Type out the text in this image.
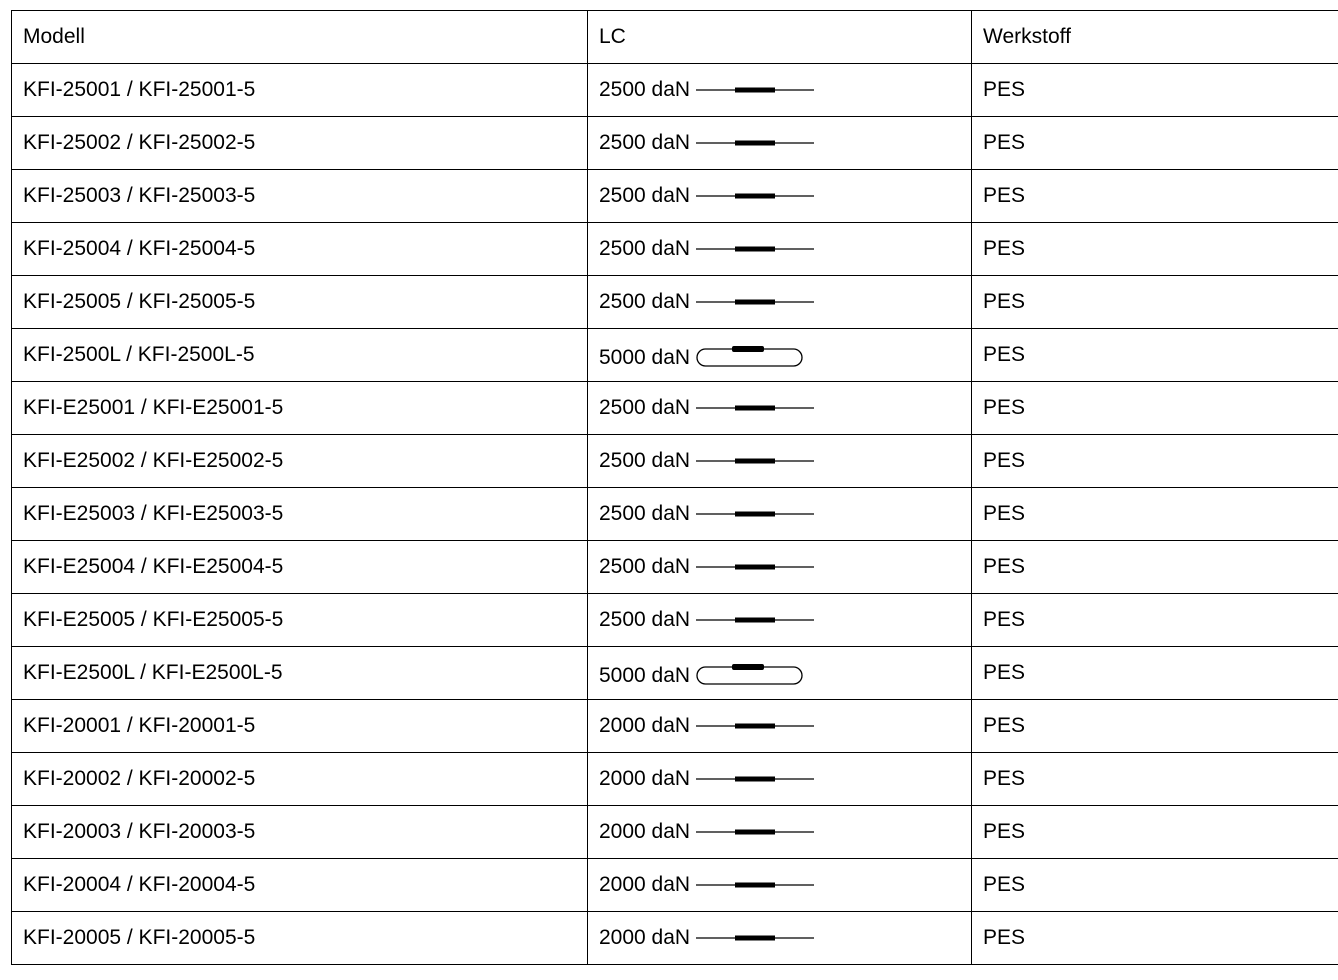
Modell	LC	Werkstoff
KFI-25001 / KFI-25001-5	2500 daN	PES
KFI-25002 / KFI-25002-5	2500 daN	PES
KFI-25003 / KFI-25003-5	2500 daN	PES
KFI-25004 / KFI-25004-5	2500 daN	PES
KFI-25005 / KFI-25005-5	2500 daN	PES
KFI-2500L / KFI-2500L-5	5000 daN	PES
KFI-E25001 / KFI-E25001-5	2500 daN	PES
KFI-E25002 / KFI-E25002-5	2500 daN	PES
KFI-E25003 / KFI-E25003-5	2500 daN	PES
KFI-E25004 / KFI-E25004-5	2500 daN	PES
KFI-E25005 / KFI-E25005-5	2500 daN	PES
KFI-E2500L / KFI-E2500L-5	5000 daN	PES
KFI-20001 / KFI-20001-5	2000 daN	PES
KFI-20002 / KFI-20002-5	2000 daN	PES
KFI-20003 / KFI-20003-5	2000 daN	PES
KFI-20004 / KFI-20004-5	2000 daN	PES
KFI-20005 / KFI-20005-5	2000 daN	PES
